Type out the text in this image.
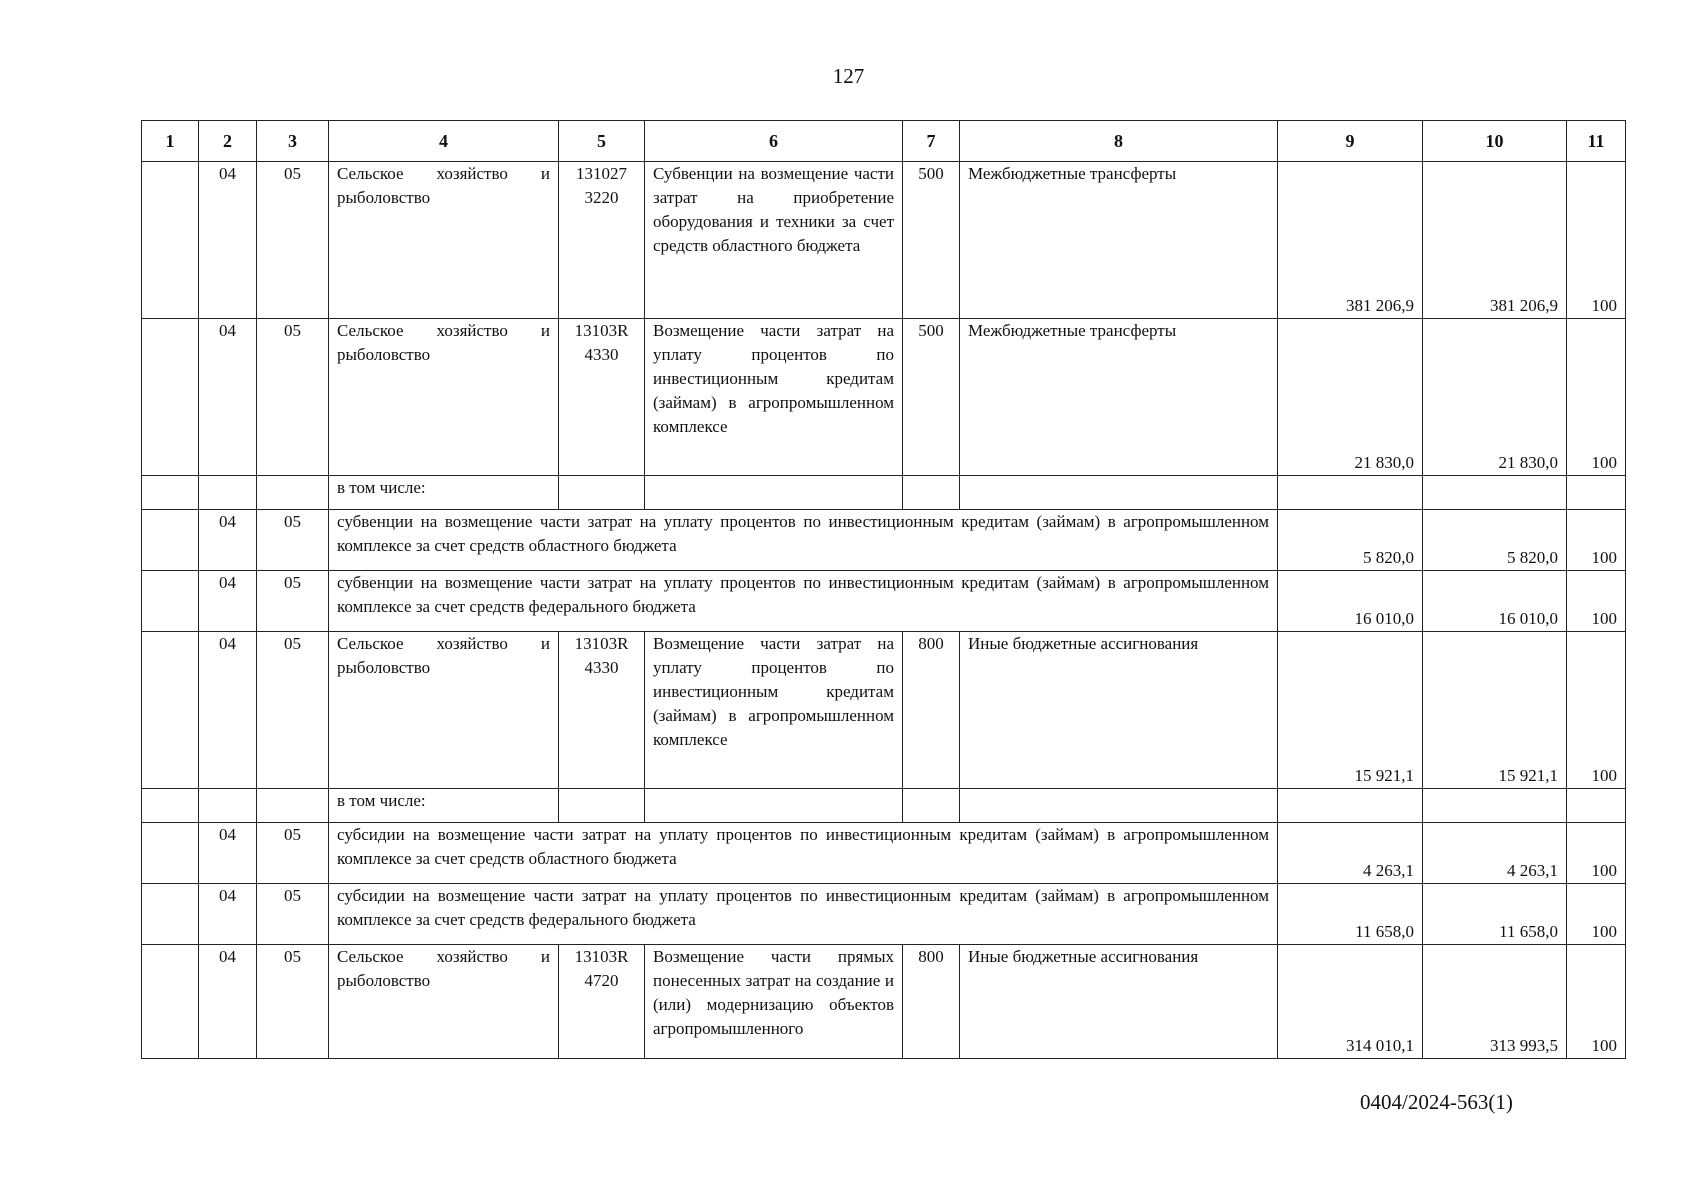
127
1	2	3	4	5	6	7	8	9	10	11
	04	05	Сельское хозяйство и рыболовство	131027 3220	Субвенции на возмещение части затрат на приобретение оборудования и техники за счет средств областного бюджета	500	Межбюджетные трансферты	381 206,9	381 206,9	100
	04	05	Сельское хозяйство и рыболовство	13103R 4330	Возмещение части затрат на уплату процентов по инвестиционным кредитам (займам) в агропромышленном комплексе	500	Межбюджетные трансферты	21 830,0	21 830,0	100
			в том числе:							
	04	05	субвенции на возмещение части затрат на уплату процентов по инвестиционным кредитам (займам) в агропромышленном комплексе за счет средств областного бюджета					5 820,0	5 820,0	100
	04	05	субвенции на возмещение части затрат на уплату процентов по инвестиционным кредитам (займам) в агропромышленном комплексе за счет средств федерального бюджета					16 010,0	16 010,0	100
	04	05	Сельское хозяйство и рыболовство	13103R 4330	Возмещение части затрат на уплату процентов по инвестиционным кредитам (займам) в агропромышленном комплексе	800	Иные бюджетные ассигнования	15 921,1	15 921,1	100
			в том числе:							
	04	05	субсидии на возмещение части затрат на уплату процентов по инвестиционным кредитам (займам) в агропромышленном комплексе за счет средств областного бюджета					4 263,1	4 263,1	100
	04	05	субсидии на возмещение части затрат на уплату процентов по инвестиционным кредитам (займам) в агропромышленном комплексе за счет средств федерального бюджета					11 658,0	11 658,0	100
	04	05	Сельское хозяйство и рыболовство	13103R 4720	Возмещение части прямых понесенных затрат на создание и (или) модернизацию объектов агропромышленного	800	Иные бюджетные ассигнования	314 010,1	313 993,5	100
0404/2024-563(1)
